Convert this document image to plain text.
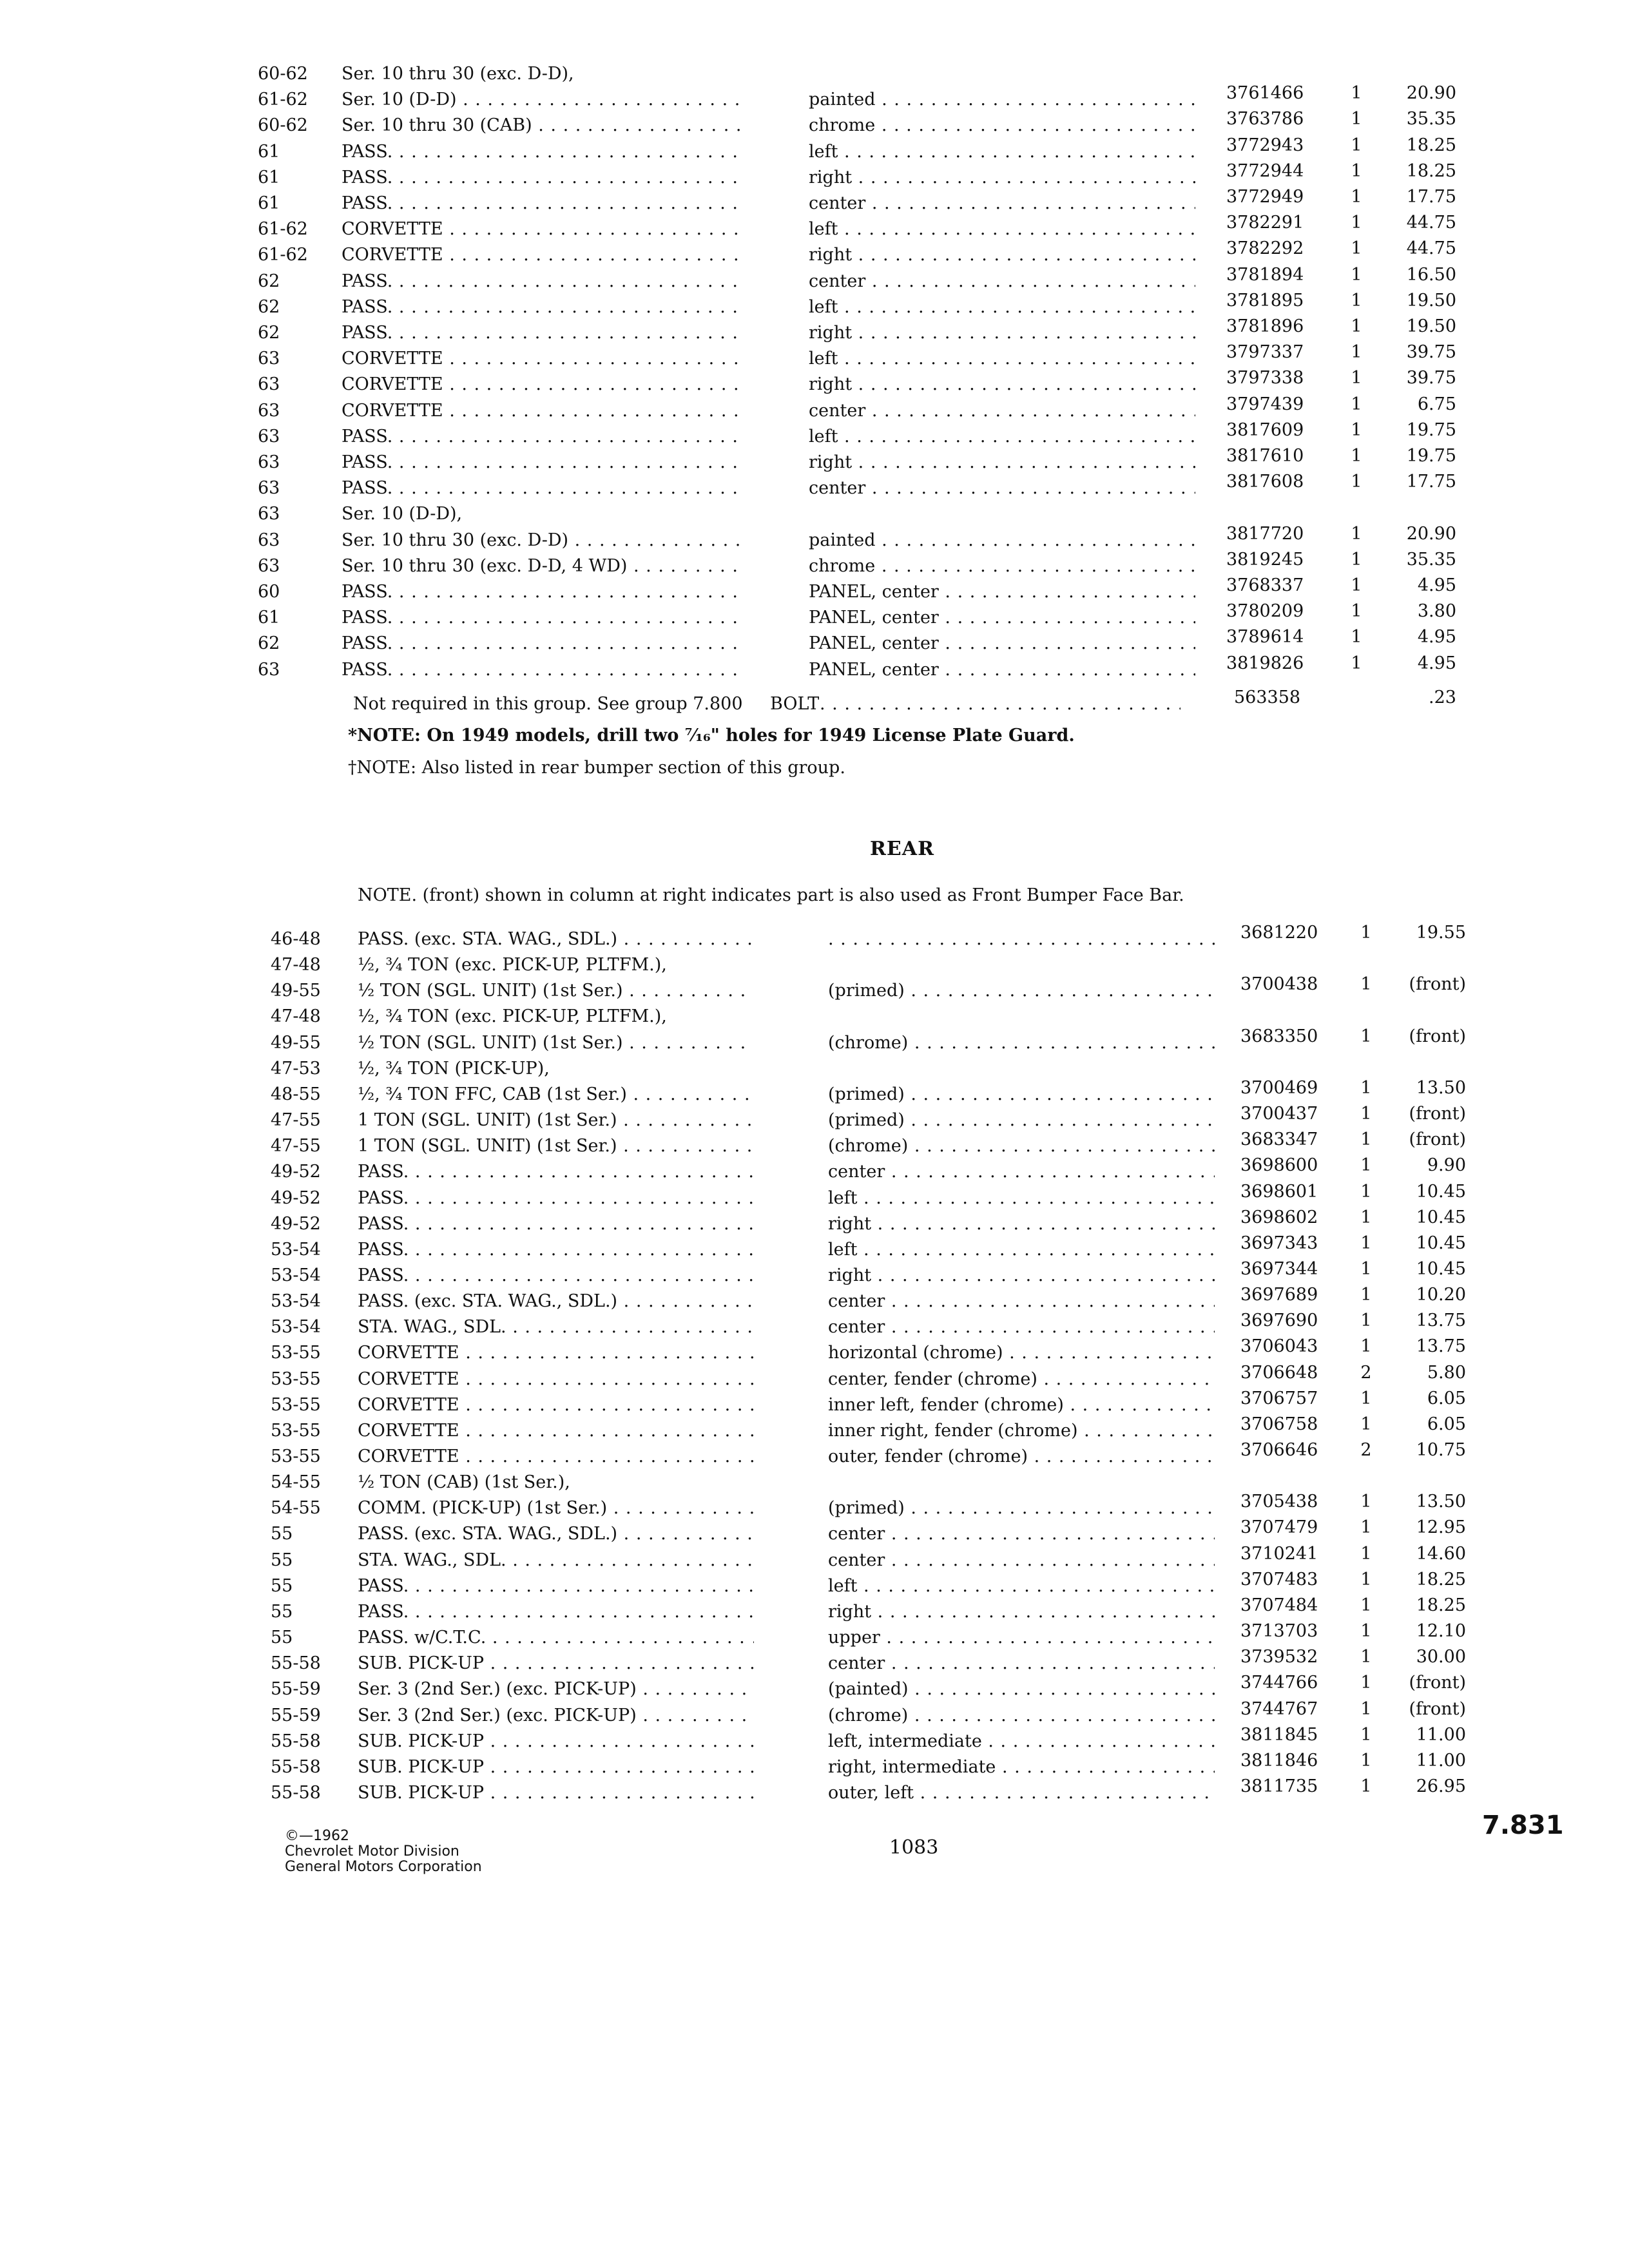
60-62 Ser. 10 thru 30 (exc. D-D),
61-62 Ser. 10 (D-D) . . .	painted . . .	3761466	1	20.90
60-62 Ser. 10 thru 30 (CAB) . . .	chrome . . .	3763786	1	35.35
61	PASS. . . .	left . . .	3772943	1	18.25
61	PASS. . . .	right . . .	3772944	1	18.25
61	PASS. . . .	center . . .	3772949	1	17.75
61-62 CORVETTE . . .	left . . .	3782291	1	44.75
61-62 CORVETTE . . .	right . . .	3782292	1	44.75
62	PASS. . . .	center . . .	3781894	1	16.50
62	PASS. . . .	left . . .	3781895	1	19.50
62	PASS. . . .	right . . .	3781896	1	19.50
63	CORVETTE . . .	left . . .	3797337	1	39.75
63	CORVETTE . . .	right . . .	3797338	1	39.75
63	CORVETTE . . .	center . . .	3797439	1	6.75
63	PASS. . . .	left . . .	3817609	1	19.75
63	PASS. . . .	right . . .	3817610	1	19.75
63	PASS. . . .	center . . .	3817608	1	17.75
63	Ser. 10 (D-D),
63	Ser. 10 thru 30 (exc. D-D) . . .	painted . . .	3817720	1	20.90
63	Ser. 10 thru 30 (exc. D-D, 4 WD) . . .	chrome . . .	3819245	1	35.35
60	PASS. . . .	PANEL, center . . .	3768337	1	4.95
61	PASS. . . .	PANEL, center . . .	3780209	1	3.80
62	PASS. . . .	PANEL, center . . .	3789614	1	4.95
63	PASS. . . .	PANEL, center . . .	3819826	1	4.95
Not required in this group. See group 7.800 BOLT . . .	563358	.23
*NOTE: On 1949 models, drill two ⁷⁄₁₆" holes for 1949 License Plate Guard.
†NOTE: Also listed in rear bumper section of this group.
REAR
NOTE. (front) shown in column at right indicates part is also used as Front Bumper Face Bar.
46-48 PASS. (exc. STA. WAG., SDL.) . . . . . .	3681220	1	19.55
47-48 ½, ¾ TON (exc. PICK-UP, PLTFM.),
49-55 ½ TON (SGL. UNIT) (1st Ser.) . . .	(primed) . . .	3700438	1	(front)
47-48 ½, ¾ TON (exc. PICK-UP, PLTFM.),
49-55 ½ TON (SGL. UNIT) (1st Ser.) . . .	(chrome) . . .	3683350	1	(front)
47-53 ½, ¾ TON (PICK-UP),
48-55 ½, ¾ TON FFC, CAB (1st Ser.) . . .	(primed) . . .	3700469	1	13.50
47-55 1 TON (SGL. UNIT) (1st Ser.) . . .	(primed) . . .	3700437	1	(front)
47-55 1 TON (SGL. UNIT) (1st Ser.) . . .	(chrome) . . .	3683347	1	(front)
49-52 PASS. . . .	center . . .	3698600	1	9.90
49-52 PASS. . . .	left . . .	3698601	1	10.45
49-52 PASS. . . .	right . . .	3698602	1	10.45
53-54 PASS. . . .	left . . .	3697343	1	10.45
53-54 PASS. . . .	right . . .	3697344	1	10.45
53-54 PASS. (exc. STA. WAG., SDL.) . . .	center . . .	3697689	1	10.20
53-54 STA. WAG., SDL. . . .	center . . .	3697690	1	13.75
53-55 CORVETTE . . .	horizontal (chrome) . . .	3706043	1	13.75
53-55 CORVETTE . . .	center, fender (chrome) . . .	3706648	2	5.80
53-55 CORVETTE . . .	inner left, fender (chrome) . . .	3706757	1	6.05
53-55 CORVETTE . . .	inner right, fender (chrome) . . .	3706758	1	6.05
53-55 CORVETTE . . .	outer, fender (chrome) . . .	3706646	2	10.75
54-55 ½ TON (CAB) (1st Ser.),
54-55 COMM. (PICK-UP) (1st Ser.) . . .	(primed) . . .	3705438	1	13.50
55	PASS. (exc. STA. WAG., SDL.) . . .	center . . .	3707479	1	12.95
55	STA. WAG., SDL. . . .	center . . .	3710241	1	14.60
55	PASS. . . .	left . . .	3707483	1	18.25
55	PASS. . . .	right . . .	3707484	1	18.25
55	PASS. w/C.T.C. . . .	upper . . .	3713703	1	12.10
55-58 SUB. PICK-UP . . .	center . . .	3739532	1	30.00
55-59 Ser. 3 (2nd Ser.) (exc. PICK-UP) . . .	(painted) . . .	3744766	1	(front)
55-59 Ser. 3 (2nd Ser.) (exc. PICK-UP) . . .	(chrome) . . .	3744767	1	(front)
55-58 SUB. PICK-UP . . .	left, intermediate . . .	3811845	1	11.00
55-58 SUB. PICK-UP . . .	right, intermediate . . .	3811846	1	11.00
55-58 SUB. PICK-UP . . .	outer, left . . .	3811735	1	26.95
©—1962
Chevrolet Motor Division
General Motors Corporation
1083
7.831
